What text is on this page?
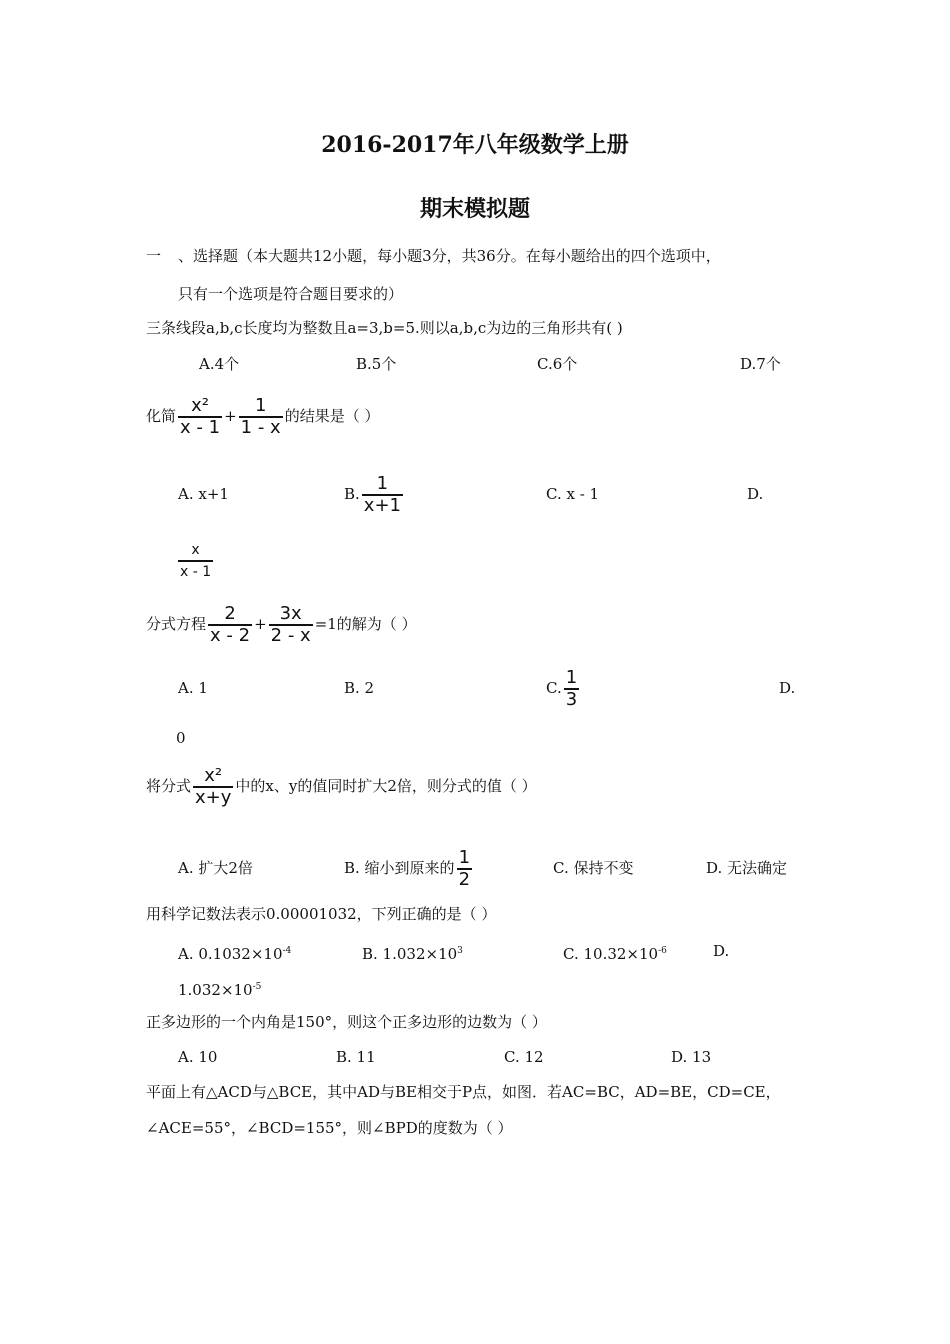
2016-2017年八年级数学上册
期末模拟题
一 、选择题（本大题共12小题，每小题3分，共36分。在每小题给出的四个选项中，
只有一个选项是符合题目要求的）
三条线段a,b,c长度均为整数且a=3,b=5.则以a,b,c为边的三角形共有( )
A.4个	B.5个	C.6个	D.7个
化简 $\frac{\text{x²}}{x - 1} + \frac{1}{1 - x}$ 的结果是（ ）
A. x+1	B. $\frac{1}{x+1}$	C. x - 1	D.
$\frac{x}{x - 1}$
分式方程 $\frac{2}{x - 2} + \frac{3x}{2 - x} =1$的解为（ ）
A. 1	B. 2	C. $\frac{1}{3}$	D.
0
将分式 $\frac{\text{x²}}{x+y}$ 中的x、y的值同时扩大2倍，则分式的值（ ）
A. 扩大2倍	B. 缩小到原来的 $\frac{1}{2}$	C. 保持不变	D. 无法确定
用科学记数法表示0.00001032，下列正确的是（ ）
A. $0.1032\times 10^{-4}$	B. $1.032\times 10^3$	C. $10.32\times 10^{-6}$	D.
$1.032\times 10^{-5}$
正多边形的一个内角是150°，则这个正多边形的边数为（ ）
A. 10	B. 11	C. 12	D. 13
平面上有△ACD与△BCE，其中AD与BE相交于P点，如图．若AC=BC，AD=BE，CD=CE，
∠ACE=55°，∠BCD=155°，则∠BPD的度数为（ ）
